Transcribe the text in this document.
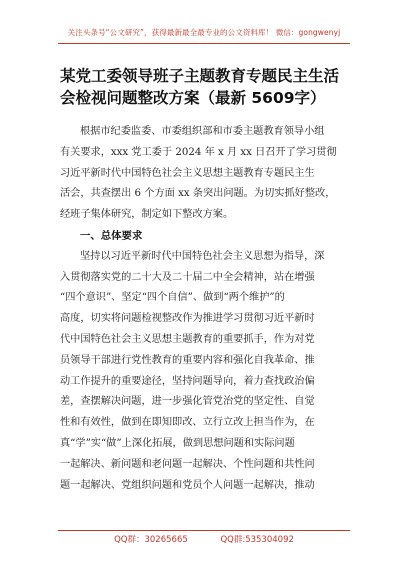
关注头条号“公文研究”，获得最新最全最专业的公文资料库！ 微信：gongwenyj
某党工委领导班子主题教育专题民主生活
会检视问题整改方案（最新 5609字）
根据市纪委监委、市委组织部和市委主题教育领导小组
有关要求，xxx 党工委于 2024 年 x 月 xx 日召开了学习贯彻
习近平新时代中国特色社会主义思想主题教育专题民主生
活会，共查摆出 6 个方面 xx 条突出问题。为切实抓好整改，
经班子集体研究，制定如下整改方案。
一、总体要求
坚持以习近平新时代中国特色社会主义思想为指导，深
入贯彻落实党的二十大及二十届二中全会精神，站在增强
“四个意识”、坚定“四个自信”、做到“两个维护”的
高度，切实将问题检视整改作为推进学习贯彻习近平新时
代中国特色社会主义思想主题教育的重要抓手，作为对党
员领导干部进行党性教育的重要内容和强化自我革命、推
动工作提升的重要途径，坚持问题导向，着力查找政治偏
差，查摆解决问题，进一步强化管党治党的坚定性、自觉
性和有效性，做到在即知即改、立行立改上担当作为，在
真“学”实“做”上深化拓展，做到思想问题和实际问题
一起解决、新问题和老问题一起解决、个性问题和共性问
题一起解决、党组织问题和党员个人问题一起解决，推动
QQ群：30265665	QQ群:535304092
